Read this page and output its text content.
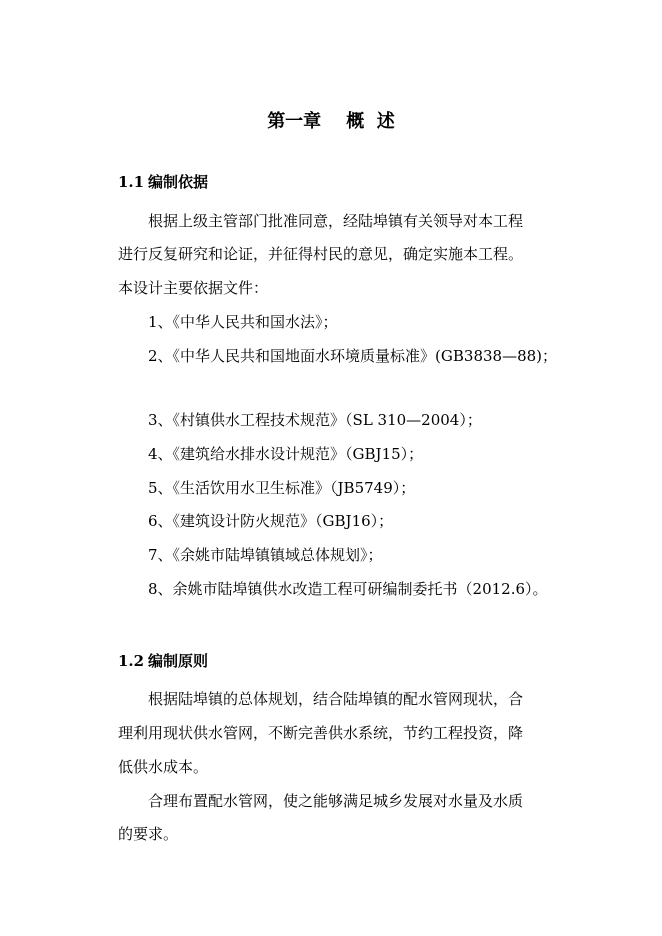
第一章    概  述
1.1 编制依据
根据上级主管部门批准同意，经陆埠镇有关领导对本工程
进行反复研究和论证，并征得村民的意见，确定实施本工程。
本设计主要依据文件：
1、《中华人民共和国水法》；
2、《中华人民共和国地面水环境质量标准》(GB3838—88)；
3、《村镇供水工程技术规范》（SL 310—2004）；
4、《建筑给水排水设计规范》（GBJ15）；
5、《生活饮用水卫生标准》（JB5749）；
6、《建筑设计防火规范》（GBJ16）；
7、《余姚市陆埠镇镇域总体规划》；
8、余姚市陆埠镇供水改造工程可研编制委托书（2012.6）。
1.2 编制原则
根据陆埠镇的总体规划，结合陆埠镇的配水管网现状，合
理利用现状供水管网，不断完善供水系统，节约工程投资，降
低供水成本。
合理布置配水管网，使之能够满足城乡发展对水量及水质
的要求。
